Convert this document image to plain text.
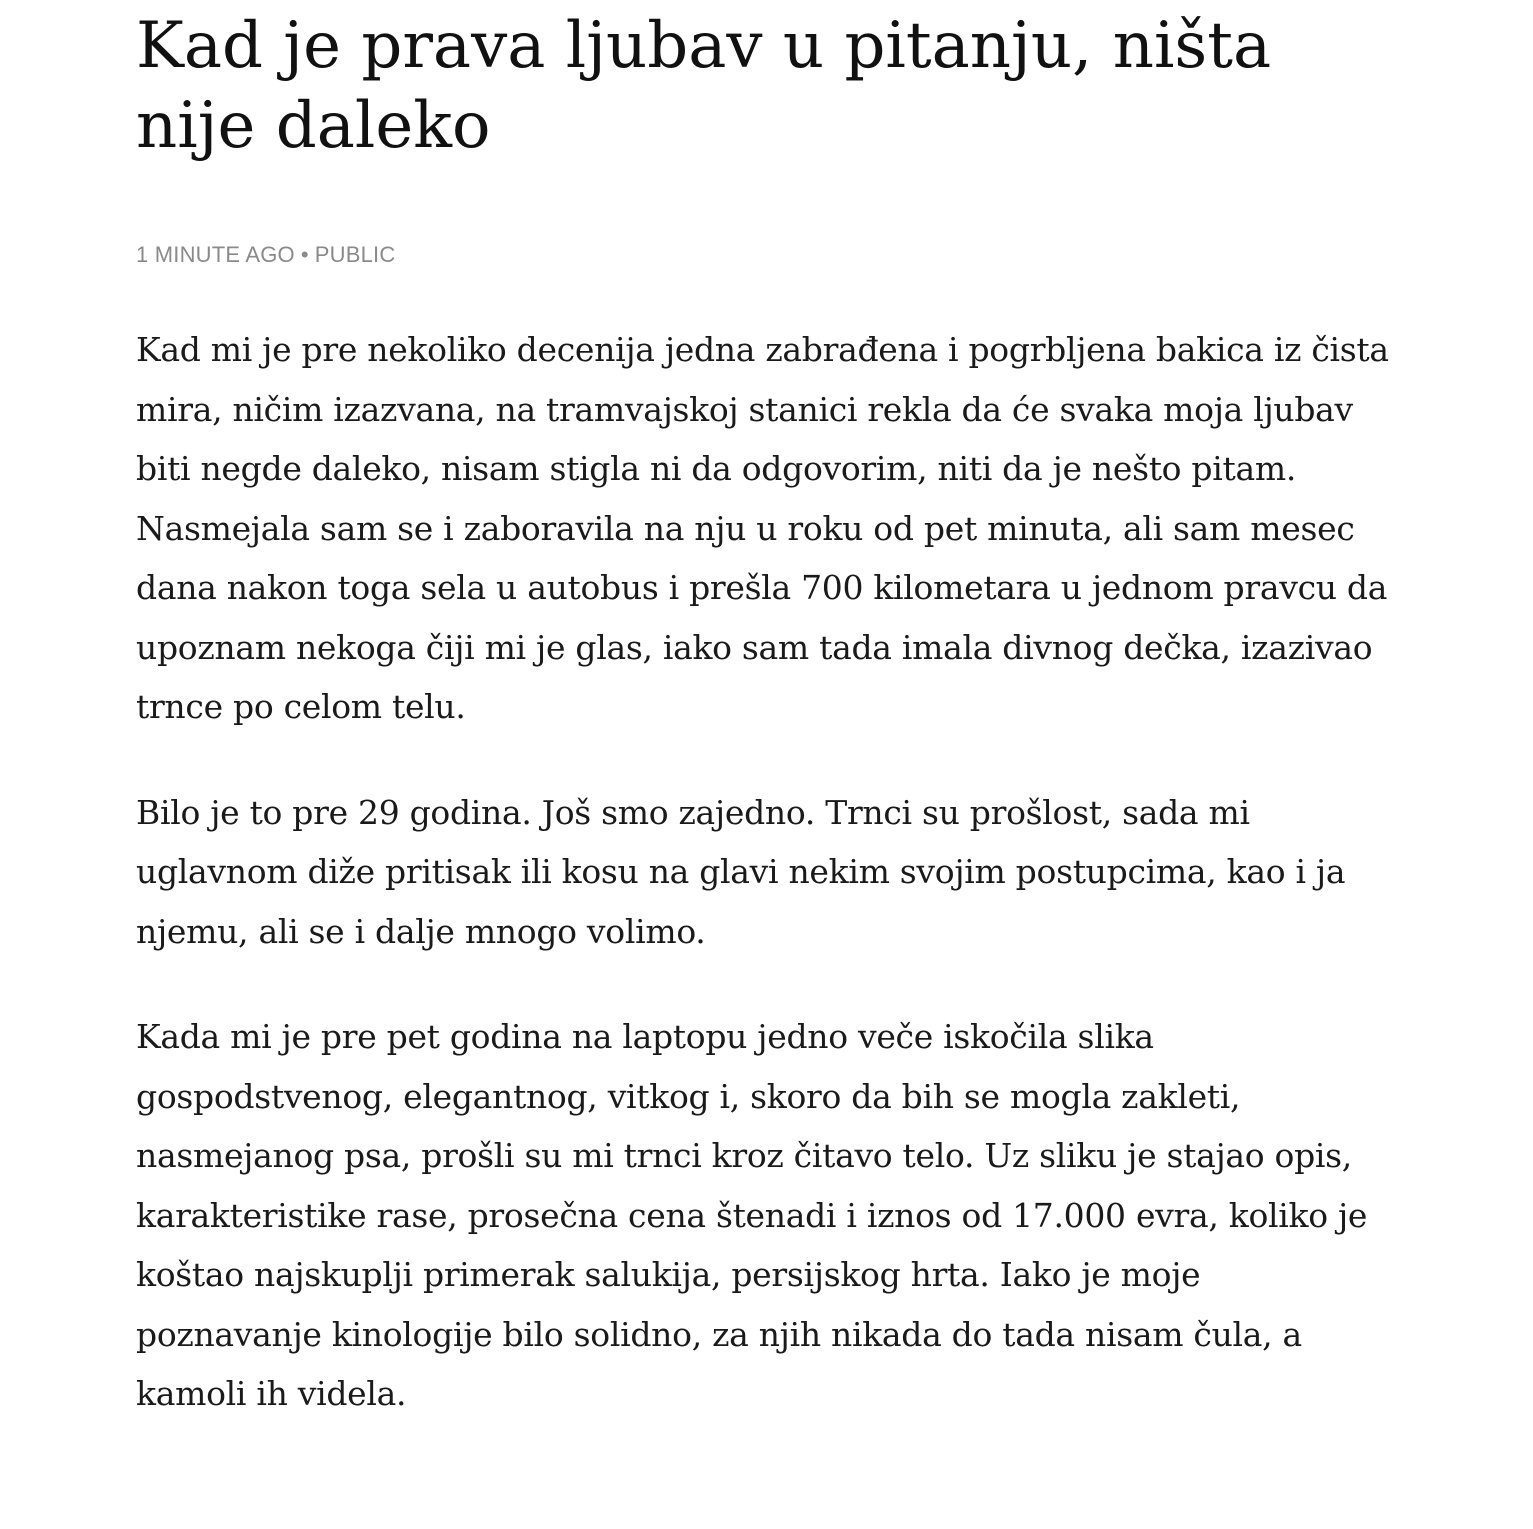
Kad je prava ljubav u pitanju, ništa nije daleko
1 MINUTE AGO • PUBLIC

Kad mi je pre nekoliko decenija jedna zabrađena i pogrbljena bakica iz čista mira, ničim izazvana, na tramvajskoj stanici rekla da će svaka moja ljubav biti negde daleko, nisam stigla ni da odgovorim, niti da je nešto pitam. Nasmejala sam se i zaboravila na nju u roku od pet minuta, ali sam mesec dana nakon toga sela u autobus i prešla 700 kilometara u jednom pravcu da upoznam nekoga čiji mi je glas, iako sam tada imala divnog dečka, izazivao trnce po celom telu.

Bilo je to pre 29 godina. Još smo zajedno. Trnci su prošlost, sada mi uglavnom diže pritisak ili kosu na glavi nekim svojim postupcima, kao i ja njemu, ali se i dalje mnogo volimo.

Kada mi je pre pet godina na laptopu jedno veče iskočila slika gospodstvenog, elegantnog, vitkog i, skoro da bih se mogla zakleti, nasmejanog psa, prošli su mi trnci kroz čitavo telo. Uz sliku je stajao opis, karakteristike rase, prosečna cena štenadi i iznos od 17.000 evra, koliko je koštao najskuplji primerak salukija, persijskog hrta. Iako je moje poznavanje kinologije bilo solidno, za njih nikada do tada nisam čula, a kamoli ih videla.
